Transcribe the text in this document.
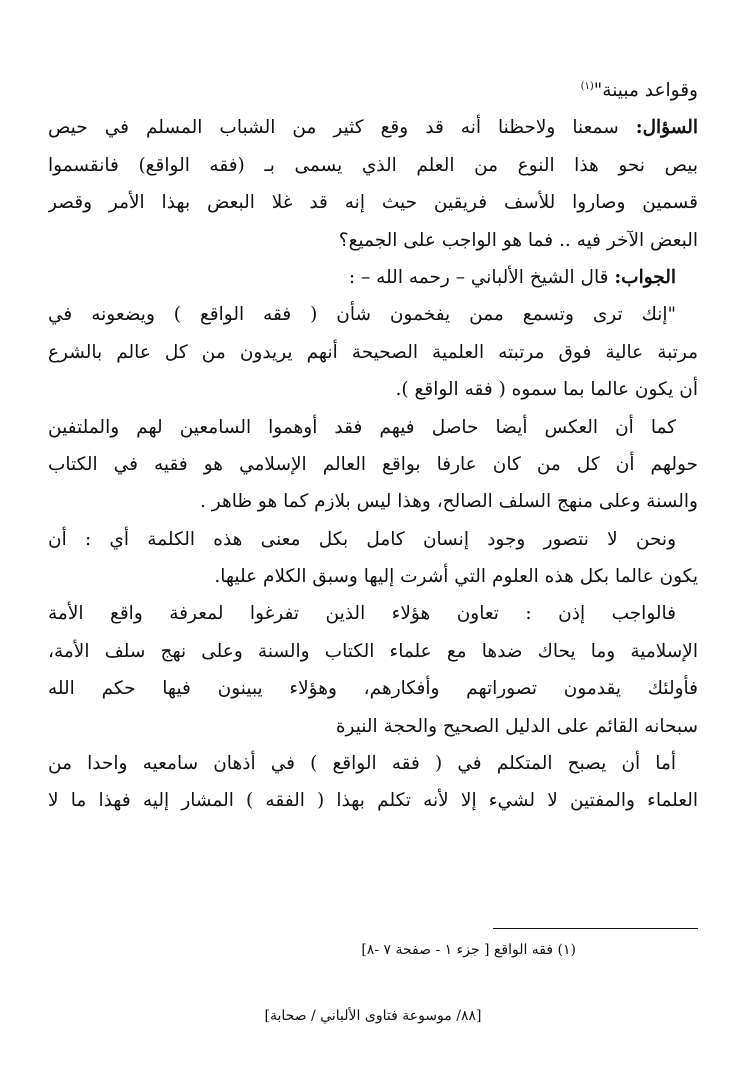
وقواعد مبينة"$^{(١)}$
السؤال: سمعنا ولاحظنا أنه قد وقع كثير من الشباب المسلم في حيص
بيص نحو هذا النوع من العلم الذي يسمى بـ (فقه الواقع) فانقسموا
قسمين وصاروا للأسف فريقين حيث إنه قد غلا البعض بهذا الأمر وقصر
البعض الآخر فيه .. فما هو الواجب على الجميع؟
الجواب: قال الشيخ الألباني – رحمه الله – :
"إنك ترى وتسمع ممن يفخمون شأن ( فقه الواقع ) ويضعونه في
مرتبة عالية فوق مرتبته العلمية الصحيحة أنهم يريدون من كل عالم بالشرع
أن يكون عالما بما سموه ( فقه الواقع ).
كما أن العكس أيضا حاصل فيهم فقد أوهموا السامعين لهم والملتفين
حولهم أن كل من كان عارفا بواقع العالم الإسلامي هو فقيه في الكتاب
والسنة وعلى منهج السلف الصالح، وهذا ليس بلازم كما هو ظاهر .
ونحن لا نتصور وجود إنسان كامل بكل معنى هذه الكلمة أي : أن
يكون عالما بكل هذه العلوم التي أشرت إليها وسبق الكلام عليها.
فالواجب إذن : تعاون هؤلاء الذين تفرغوا لمعرفة واقع الأمة
الإسلامية وما يحاك ضدها مع علماء الكتاب والسنة وعلى نهج سلف الأمة،
فأولئك يقدمون تصوراتهم وأفكارهم، وهؤلاء يبينون فيها حكم الله
سبحانه القائم على الدليل الصحيح والحجة النيرة
أما أن يصبح المتكلم في ( فقه الواقع ) في أذهان سامعيه واحدا من
العلماء والمفتين لا لشيء إلا لأنه تكلم بهذا ( الفقه ) المشار إليه فهذا ما لا
(١) فقه الواقع [ جزء ١ - صفحة ٧ -٨]
[٨٨/ موسوعة فتاوى الألباني / صحابة]
